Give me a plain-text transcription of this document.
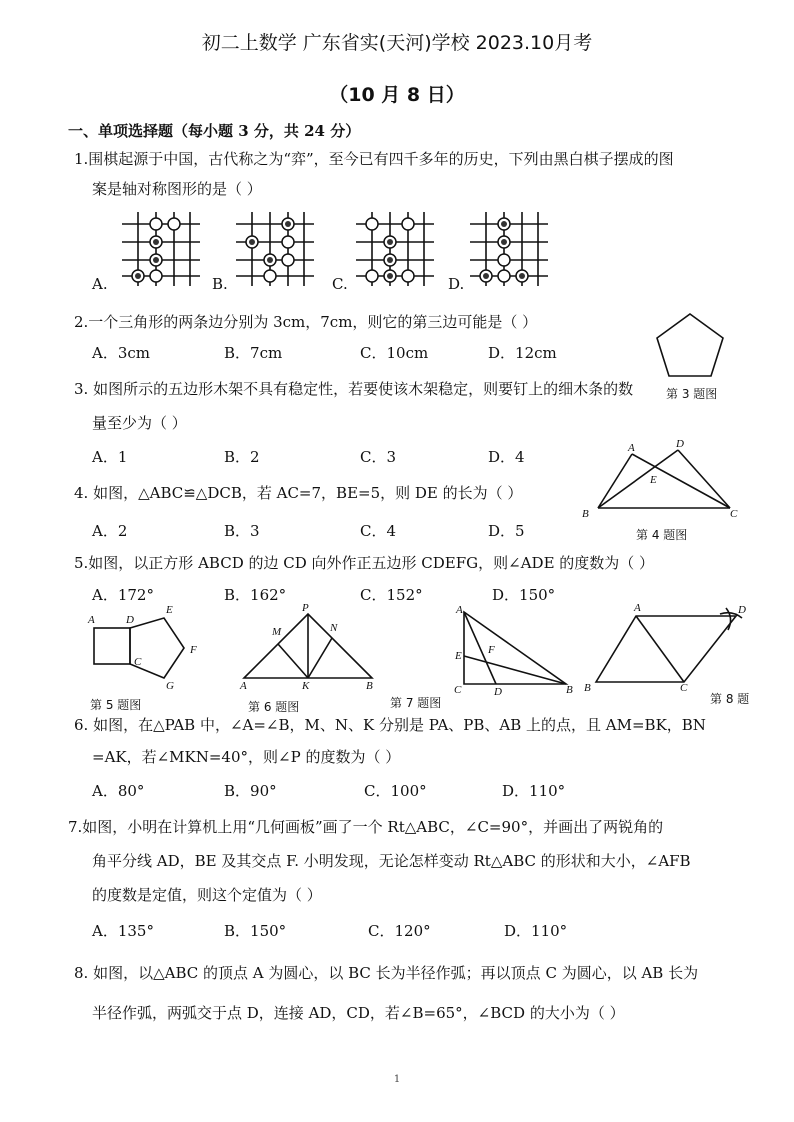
初二上数学 广东省实(天河)学校 2023.10月考
（10 月 8 日）
一、单项选择题（每小题 3 分，共 24 分）
1.围棋起源于中国，古代称之为“弈”，至今已有四千多年的历史，下列由黑白棋子摆成的图
案是轴对称图形的是（ ）
A.	B.	C.	D.
2.一个三角形的两条边分别为 3cm，7cm，则它的第三边可能是（ ）
A．3cm	B．7cm	C．10cm	D．12cm
第 3 题图
3. 如图所示的五边形木架不具有稳定性，若要使该木架稳定，则要钉上的细木条的数
量至少为（ ）
A．1	B．2	C．3	D．4	A	D
E
B	C
第 4 题图
4. 如图，△ABC≌△DCB，若 AC=7，BE=5，则 DE 的长为（ ）
A．2	B．3	C．4	D．5
5.如图，以正方形 ABCD 的边 CD 向外作正五边形 CDEFG，则∠ADE 的度数为（ ）
A．172°	B．162°	C．152°	D．150°
A	D
E
F
C
G
第 5 题图
P
M	N
A	K	B
第 6 题图
A
E F
C	D	B
第 7 题图
A	D
B	C
第 8 题
6. 如图，在△PAB 中，∠A=∠B，M、N、K 分别是 PA、PB、AB 上的点，且 AM=BK，BN
=AK，若∠MKN=40°，则∠P 的度数为（ ）
A．80°	B．90°	C．100°	D．110°
7.如图，小明在计算机上用“几何画板”画了一个 Rt△ABC，∠C=90°，并画出了两锐角的
角平分线 AD，BE 及其交点 F. 小明发现，无论怎样变动 Rt△ABC 的形状和大小，∠AFB
的度数是定值，则这个定值为（ ）
A．135°	B．150°	C．120°	D．110°
8. 如图，以△ABC 的顶点 A 为圆心，以 BC 长为半径作弧；再以顶点 C 为圆心，以 AB 长为
半径作弧，两弧交于点 D，连接 AD，CD，若∠B=65°，∠BCD 的大小为（ ）
1
